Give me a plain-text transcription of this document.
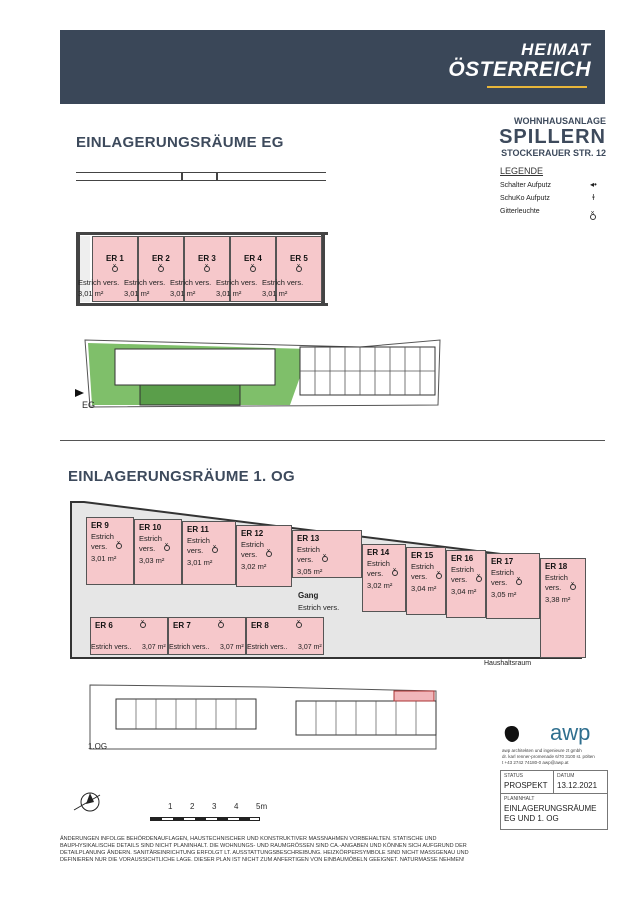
HEIMAT
ÖSTERREICH
WOHNHAUSANLAGE
SPILLERN
STOCKERAUER STR. 12
LEGENDE
Schalter Aufputz	◂•
SchuKo Aufputz	ɫ
Gitterleuchte
×
EINLAGERUNGSRÄUME EG
ER 1
×
Estrich vers.
3,01 m²
ER 2
×
Estrich vers.
3,01 m²
ER 3
×
Estrich vers.
3,01 m²
ER 4
×
Estrich vers.
3,01 m²
ER 5
×
Estrich vers.
3,01 m²
EG
EINLAGERUNGSRÄUME 1. OG
ER 9
Estrich
vers.
×
3,01 m²
ER 10
Estrich
vers.
×
3,03 m²
ER 11
Estrich
vers.
×
3,01 m²
ER 12
Estrich
vers.
×
3,02 m²
ER 13
Estrich
vers.
×
3,05 m²
ER 14
Estrich
vers.
×
3,02 m²
ER 15
Estrich
vers.
×
3,04 m²
ER 16
Estrich
vers.
×
3,04 m²
ER 17
Estrich
vers.
×
3,05 m²
ER 18
Estrich
vers.
×
3,38 m²
ER 6
×
Estrich vers.. 3,07 m²
ER 7
×
Estrich vers.. 3,07 m²
ER 8
×
Estrich vers.. 3,07 m²
Gang
Estrich vers.
Haushaltsraum
1.OG
1 2 3 4 5m
awp
awp architekten und ingenieure zt gmbh
dr. karl renner-promenade 6/70 3100 st. pölten
t +43 2742 74180-0 awp@awp.at
STATUS
PROSPEKT
DATUM
13.12.2021
PLANINHALT
EINLAGERUNGSRÄUME
EG UND 1. OG
ÄNDERUNGEN INFOLGE BEHÖRDENAUFLAGEN, HAUSTECHNISCHER UND KONSTRUKTIVER MASSNAHMEN VORBEHALTEN. STATISCHE UND BAUPHYSIKALISCHE DETAILS SIND NICHT PLANINHALT. DIE WOHNUNGS- UND RAUMGRÖSSEN SIND CA.-ANGABEN UND KÖNNEN SICH AUFGRUND DER DETAILPLANUNG ÄNDERN. SANITÄREINRICHTUNG ERFOLGT LT. AUSSTATTUNGSBESCHREIBUNG. HEIZKÖRPERSYMBOLE SIND NICHT MASSGENAU UND DEFINIEREN NUR DIE VORAUSSICHTLICHE LAGE. DIESER PLAN IST NICHT ZUM ANFERTIGEN VON EINBAUMÖBELN GEEIGNET. NATURMASSE NEHMEN!
